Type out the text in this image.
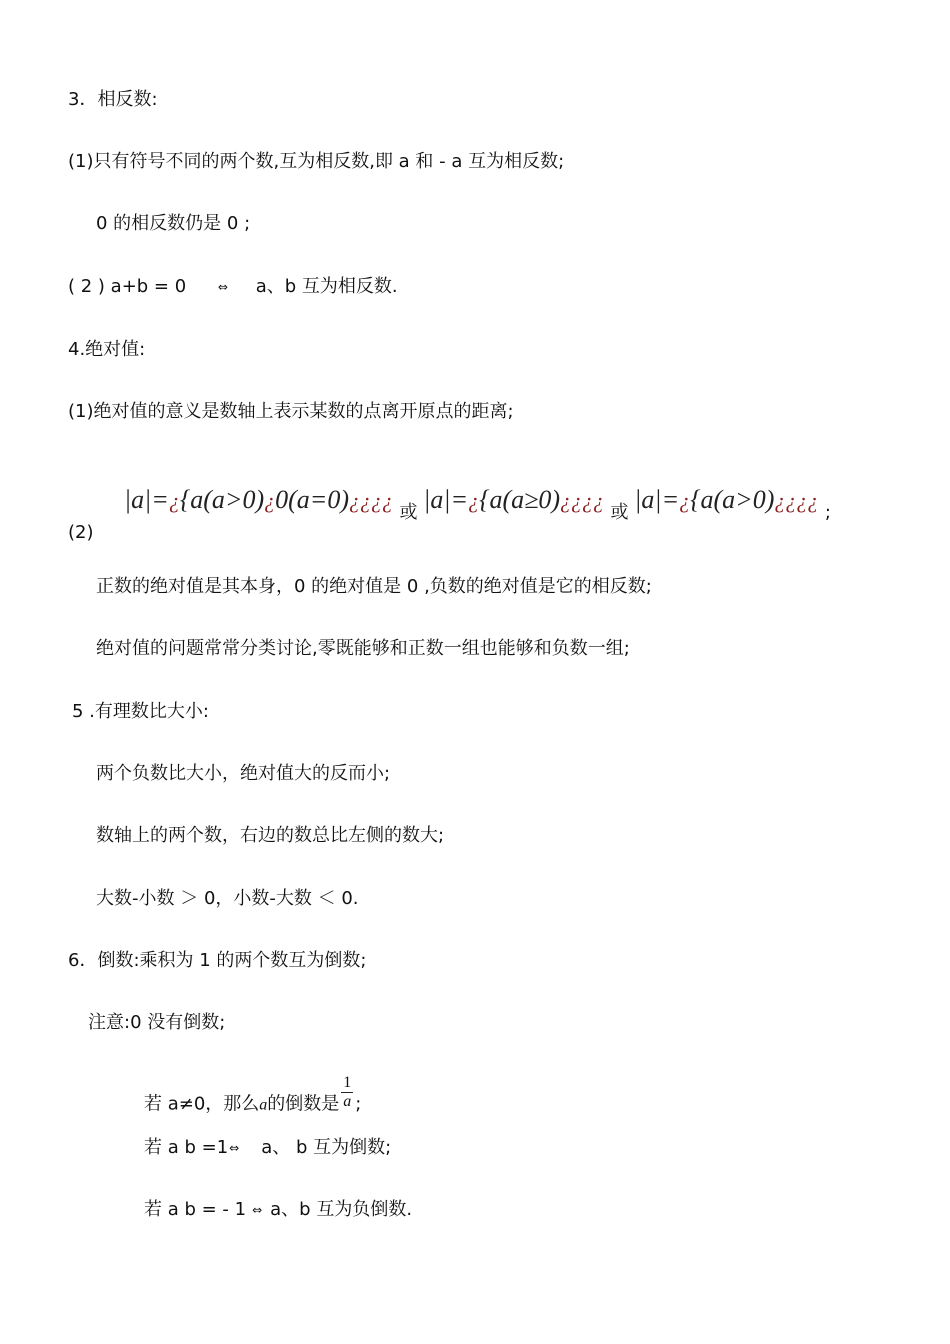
3．相反数:
(1)只有符号不同的两个数,互为相反数,即 a 和 - a 互为相反数;
0 的相反数仍是 0 ;
( 2 ) a+b = 0	⇔ a、b 互为相反数.
4.绝对值:
(1)绝对值的意义是数轴上表示某数的点离开原点的距离;
(2)
|a|=¿{a(a>0)¿0(a=0)¿¿¿¿ 或 |a|=¿{a(a≥0)¿¿¿¿ 或 |a|=¿{a(a>0)¿¿¿¿ ;
正数的绝对值是其本身，0 的绝对值是 0 ,负数的绝对值是它的相反数;
绝对值的问题常常分类讨论,零既能够和正数一组也能够和负数一组;
5 .有理数比大小:
两个负数比大小，绝对值大的反而小;
数轴上的两个数，右边的数总比左侧的数大;
大数-小数 ＞ 0，小数-大数 ＜ 0.
6．倒数:乘积为 1 的两个数互为倒数;
注意:0 没有倒数;
若 a≠0，那么a的倒数是 $\frac{1}{a}$ ;
若 a b =1⇔ a、 b 互为倒数;
若 a b = - 1 ⇔ a、b 互为负倒数.
